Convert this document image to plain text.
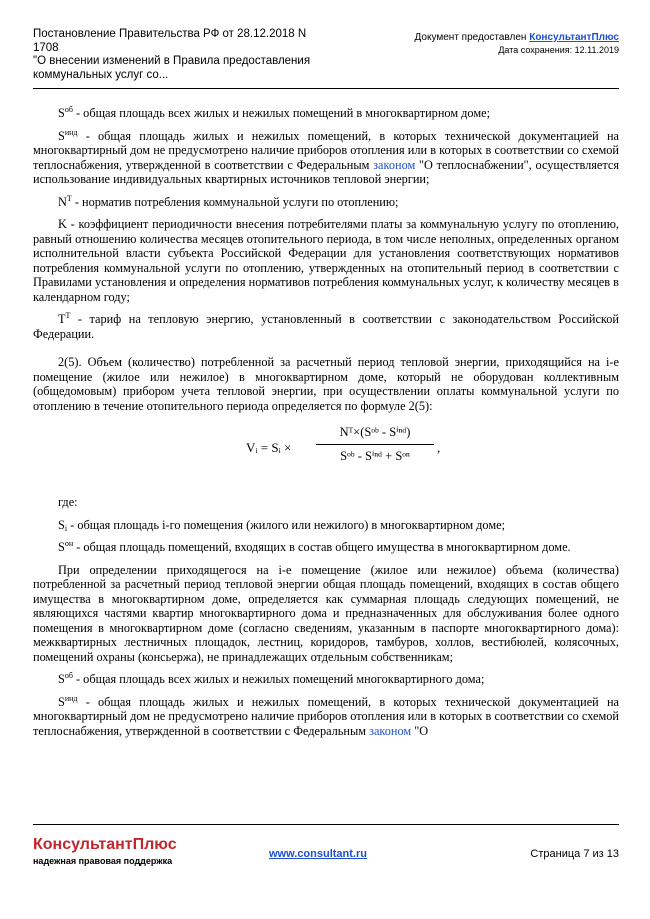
Постановление Правительства РФ от 28.12.2018 N 1708
"О внесении изменений в Правила предоставления
коммунальных услуг со...
Документ предоставлен КонсультантПлюс
Дата сохранения: 12.11.2019

$S^{об}$ - общая площадь всех жилых и нежилых помещений в многоквартирном доме;

$S^{инд}$ - общая площадь жилых и нежилых помещений, в которых технической документацией на многоквартирный дом не предусмотрено наличие приборов отопления или в которых в соответствии со схемой теплоснабжения, утвержденной в соответствии с Федеральным законом "О теплоснабжении", осуществляется использование индивидуальных квартирных источников тепловой энергии;

$N^T$ - норматив потребления коммунальной услуги по отоплению;

K - коэффициент периодичности внесения потребителями платы за коммунальную услугу по отоплению, равный отношению количества месяцев отопительного периода, в том числе неполных, определенных органом исполнительной власти субъекта Российской Федерации для установления соответствующих нормативов потребления коммунальной услуги по отоплению, утвержденных на отопительный период в соответствии с Правилами установления и определения нормативов потребления коммунальных услуг, к количеству месяцев в календарном году;

$T^T$ - тариф на тепловую энергию, установленный в соответствии с законодательством Российской Федерации.

2(5). Объем (количество) потребленной за расчетный период тепловой энергии, приходящийся на i-е помещение (жилое или нежилое) в многоквартирном доме, который не оборудован коллективным (общедомовым) прибором учета тепловой энергии, при осуществлении оплаты коммунальной услуги по отоплению в течение отопительного периода определяется по формуле 2(5):

Vᵢ = Sᵢ ×
Nᵀ×(Sᵒᵇ - Sⁱⁿᵈ)
Sᵒᵇ - Sⁱⁿᵈ + Sᵒⁿ
,

где:

$S_i$ - общая площадь i-го помещения (жилого или нежилого) в многоквартирном доме;

$S^{он}$ - общая площадь помещений, входящих в состав общего имущества в многоквартирном доме.

При определении приходящегося на i-е помещение (жилое или нежилое) объема (количества) потребленной за расчетный период тепловой энергии общая площадь помещений, входящих в состав общего имущества в многоквартирном доме, определяется как суммарная площадь следующих помещений, не являющихся частями квартир многоквартирного дома и предназначенных для обслуживания более одного помещения в многоквартирном доме (согласно сведениям, указанным в паспорте многоквартирного дома): межквартирных лестничных площадок, лестниц, коридоров, тамбуров, холлов, вестибюлей, колясочных, помещений охраны (консьержа), не принадлежащих отдельным собственникам;

$S^{об}$ - общая площадь всех жилых и нежилых помещений многоквартирного дома;

$S^{инд}$ - общая площадь жилых и нежилых помещений, в которых технической документацией на многоквартирный дом не предусмотрено наличие приборов отопления или в которых в соответствии со схемой теплоснабжения, утвержденной в соответствии с Федеральным законом "О

КонсультантПлюс
надежная правовая поддержка
www.consultant.ru	Страница 7 из 13
